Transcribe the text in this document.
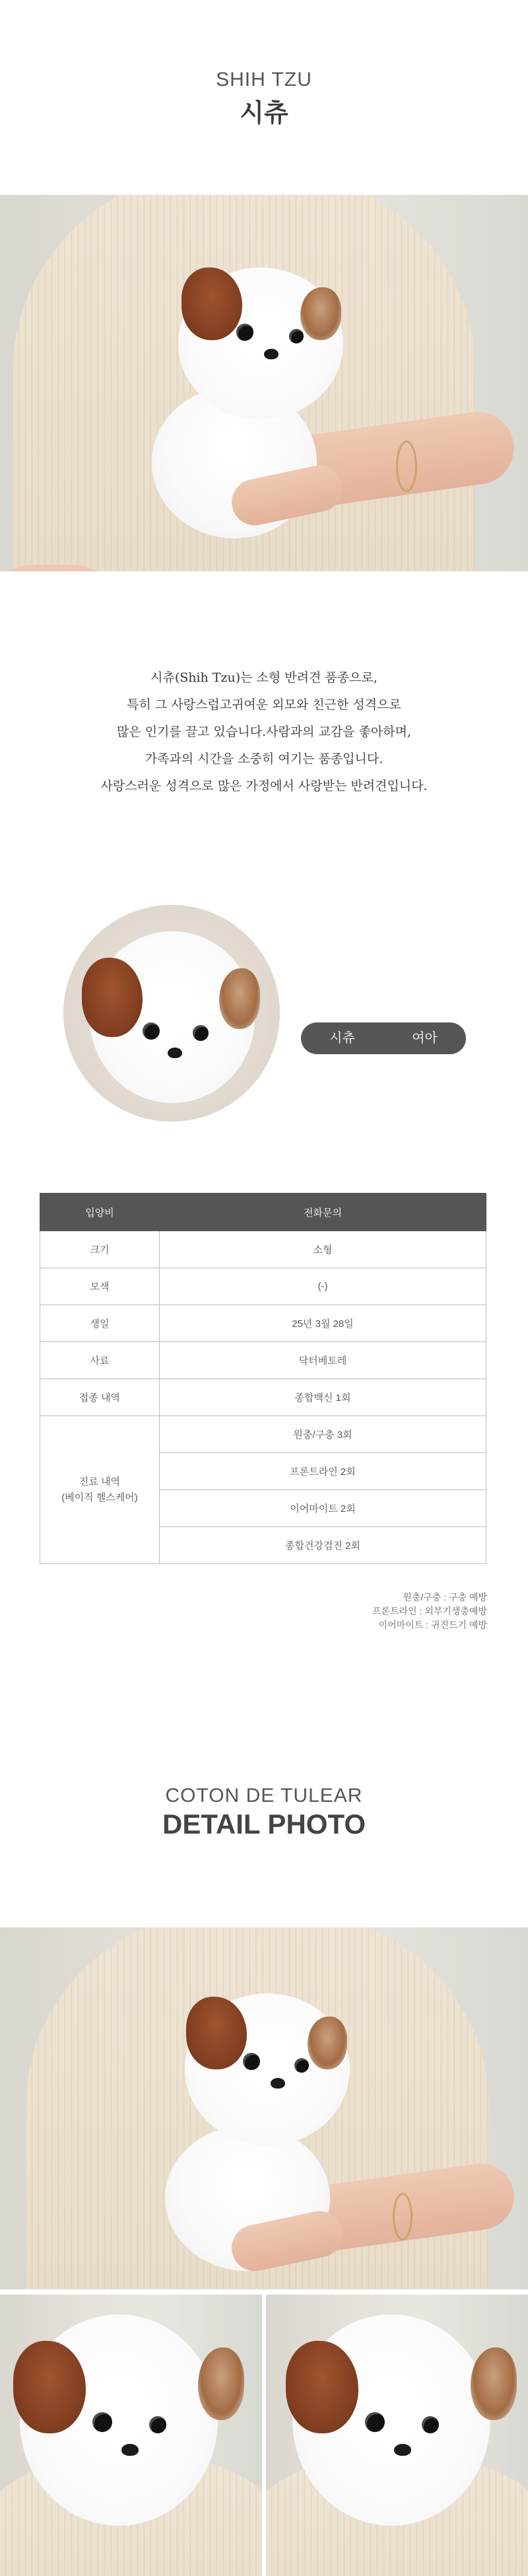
SHIH TZU
시츄
시츄(Shih Tzu)는 소형 반려견 품종으로,
특히 그 사랑스럽고귀여운 외모와 친근한 성격으로
많은 인기를 끌고 있습니다.사람과의 교감을 좋아하며,
가족과의 시간을 소중히 여기는 품종입니다.
사랑스러운 성격으로 많은 가정에서 사랑받는 반려견입니다.
시츄	여아
입양비	전화문의
크기	소형
모색	(-)
생일	25년 3월 28일
사료	닥터베토레
접종 내역	종합백신 1회

진료 내역
(베이직 헬스케어)	원충/구충 3회
	프론트라인 2회
	이어마이트 2회
	종합건강검진 2회
원충/구충 : 구충 예방
프론트라인 : 외부기생충예방
이어마이트 : 귀진드기 예방
COTON DE TULEAR
DETAIL PHOTO
